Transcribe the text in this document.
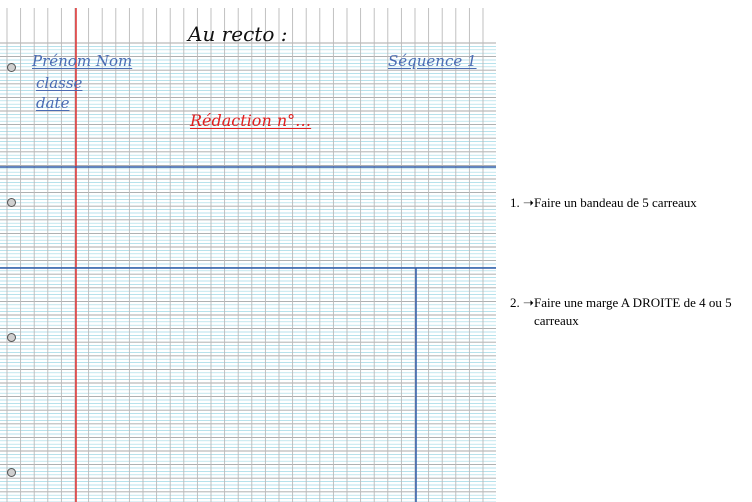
Au recto :
Prénom Nom
classe
date
Séquence 1
Rédaction n°…
1. ➝ Faire un bandeau de 5 carreaux
2. ➝ Faire une marge A DROITE de 4 ou 5 carreaux
